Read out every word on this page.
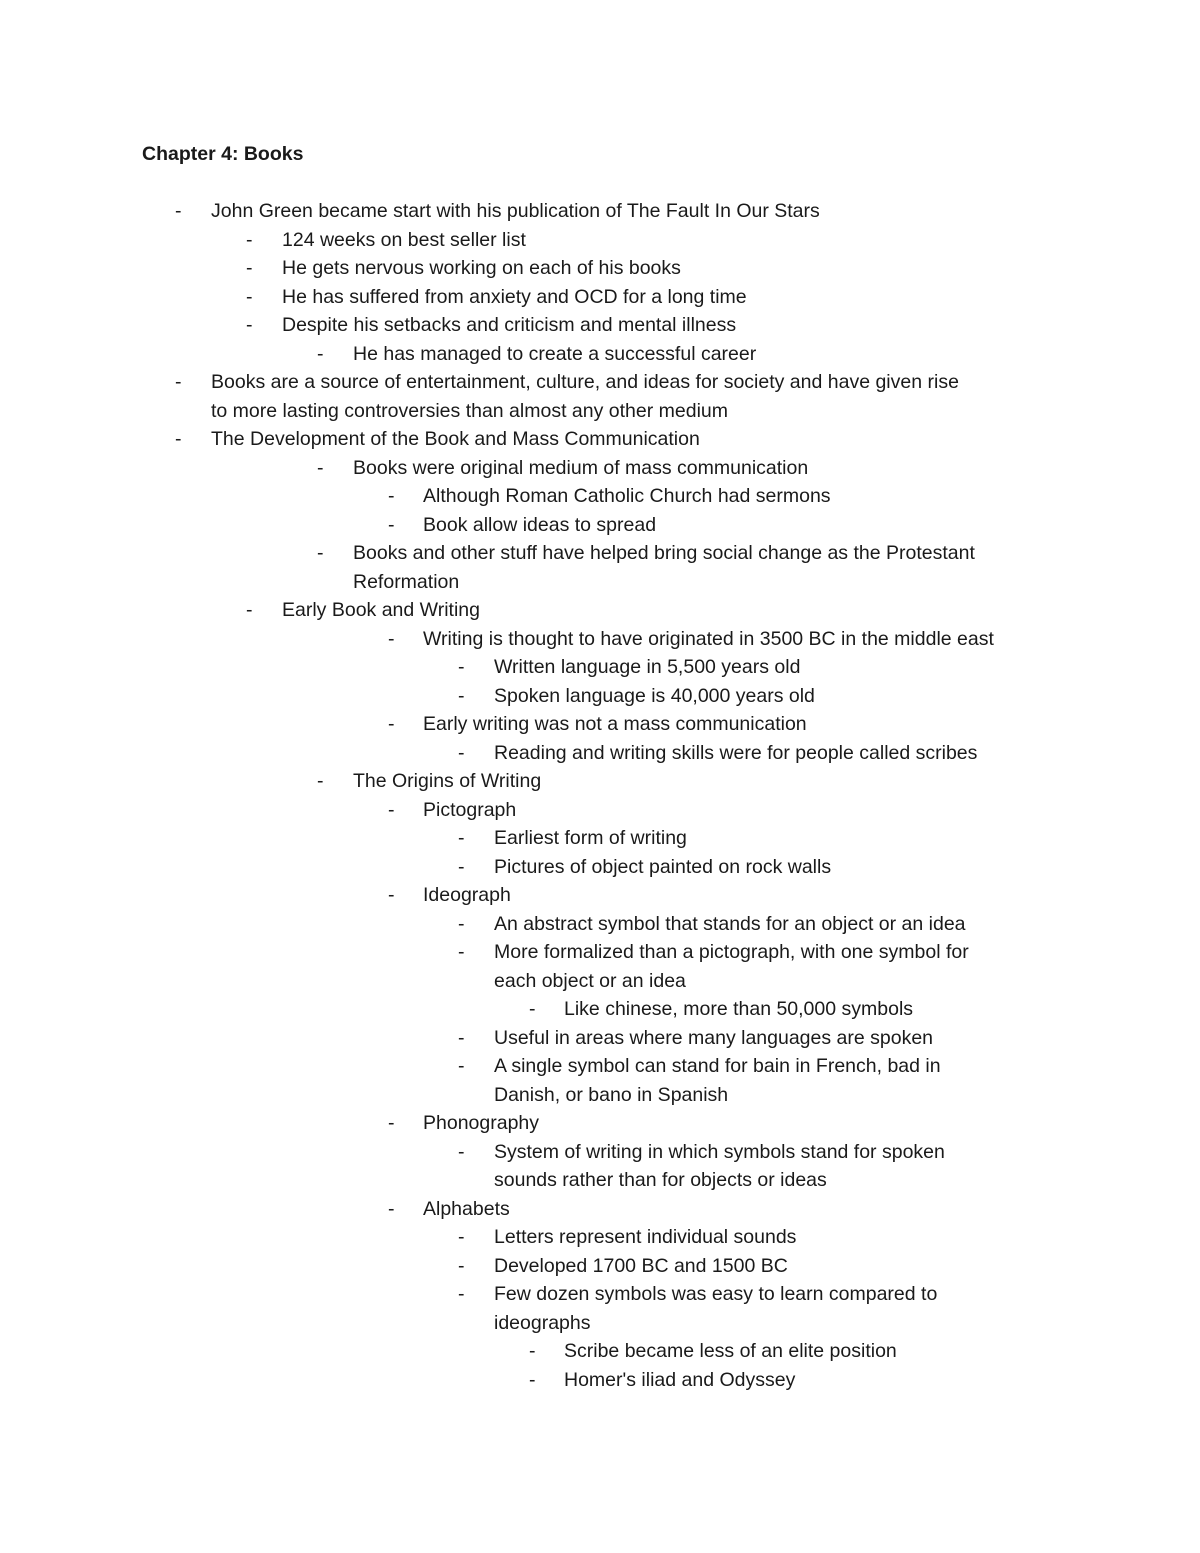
Chapter 4: Books
- John Green became start with his publication of The Fault In Our Stars
- 124 weeks on best seller list
- He gets nervous working on each of his books
- He has suffered from anxiety and OCD for a long time
- Despite his setbacks and criticism and mental illness
- He has managed to create a successful career
- Books are a source of entertainment, culture, and ideas for society and have given rise
to more lasting controversies than almost any other medium
- The Development of the Book and Mass Communication
- Books were original medium of mass communication
- Although Roman Catholic Church had sermons
- Book allow ideas to spread
- Books and other stuff have helped bring social change as the Protestant
Reformation
- Early Book and Writing
- Writing is thought to have originated in 3500 BC in the middle east
- Written language in 5,500 years old
- Spoken language is 40,000 years old
- Early writing was not a mass communication
- Reading and writing skills were for people called scribes
- The Origins of Writing
- Pictograph
- Earliest form of writing
- Pictures of object painted on rock walls
- Ideograph
- An abstract symbol that stands for an object or an idea
- More formalized than a pictograph, with one symbol for
each object or an idea
- Like chinese, more than 50,000 symbols
- Useful in areas where many languages are spoken
- A single symbol can stand for bain in French, bad in
Danish, or bano in Spanish
- Phonography
- System of writing in which symbols stand for spoken
sounds rather than for objects or ideas
- Alphabets
- Letters represent individual sounds
- Developed 1700 BC and 1500 BC
- Few dozen symbols was easy to learn compared to
ideographs
- Scribe became less of an elite position
- Homer's iliad and Odyssey
